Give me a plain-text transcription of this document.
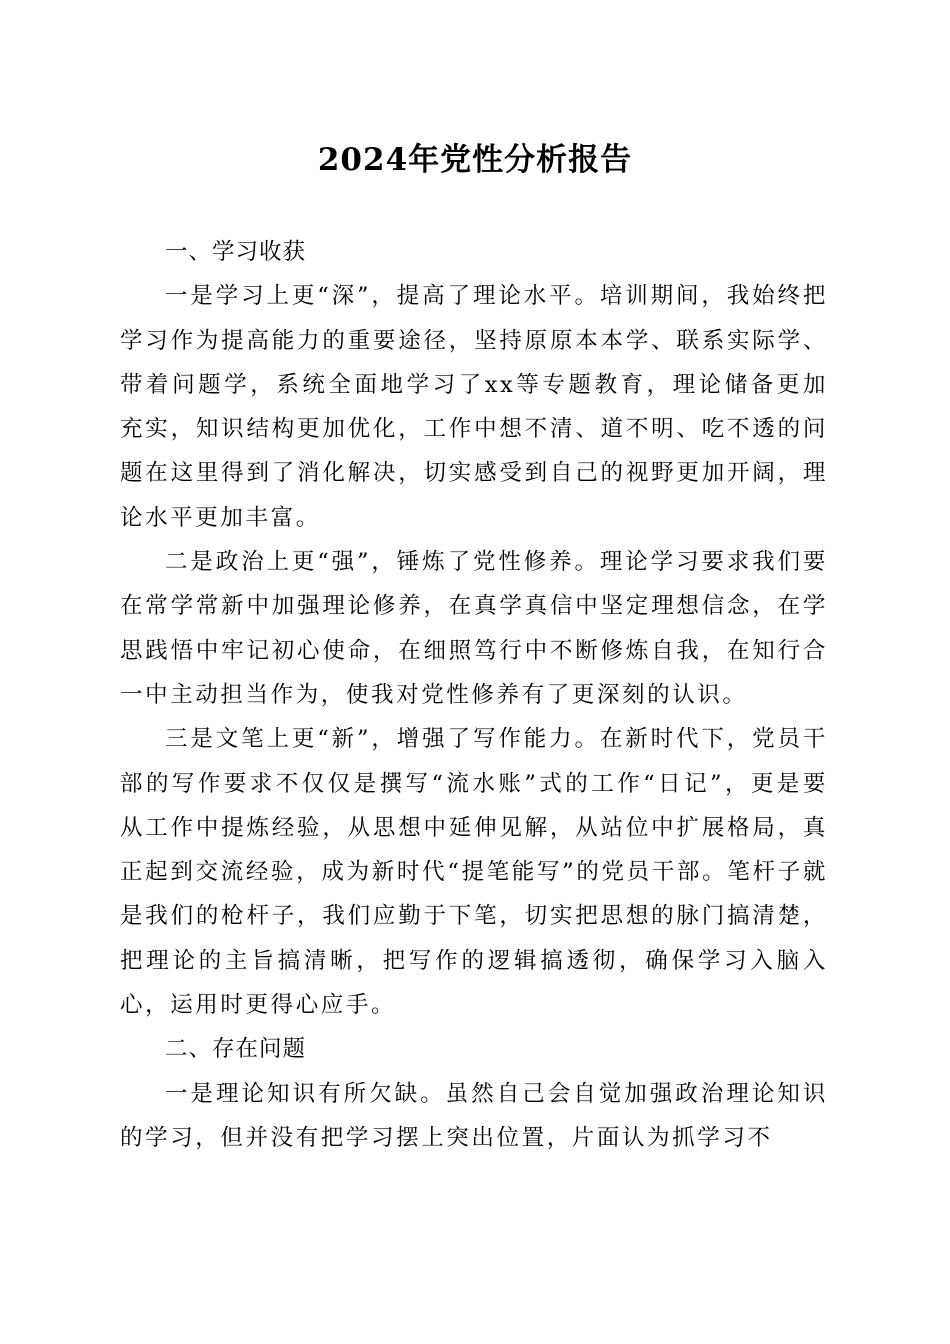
2024年党性分析报告

一、学习收获

一是学习上更“深”，提高了理论水平。培训期间，我始终把学习作为提高能力的重要途径，坚持原原本本学、联系实际学、带着问题学，系统全面地学习了xx等专题教育，理论储备更加充实，知识结构更加优化，工作中想不清、道不明、吃不透的问题在这里得到了消化解决，切实感受到自己的视野更加开阔，理论水平更加丰富。

二是政治上更“强”，锤炼了党性修养。理论学习要求我们要在常学常新中加强理论修养，在真学真信中坚定理想信念，在学思践悟中牢记初心使命，在细照笃行中不断修炼自我，在知行合一中主动担当作为，使我对党性修养有了更深刻的认识。

三是文笔上更“新”，增强了写作能力。在新时代下，党员干部的写作要求不仅仅是撰写“流水账”式的工作“日记”，更是要从工作中提炼经验，从思想中延伸见解，从站位中扩展格局，真正起到交流经验，成为新时代“提笔能写”的党员干部。笔杆子就是我们的枪杆子，我们应勤于下笔，切实把思想的脉门搞清楚，把理论的主旨搞清晰，把写作的逻辑搞透彻，确保学习入脑入心，运用时更得心应手。

二、存在问题

一是理论知识有所欠缺。虽然自己会自觉加强政治理论知识的学习，但并没有把学习摆上突出位置，片面认为抓学习不
